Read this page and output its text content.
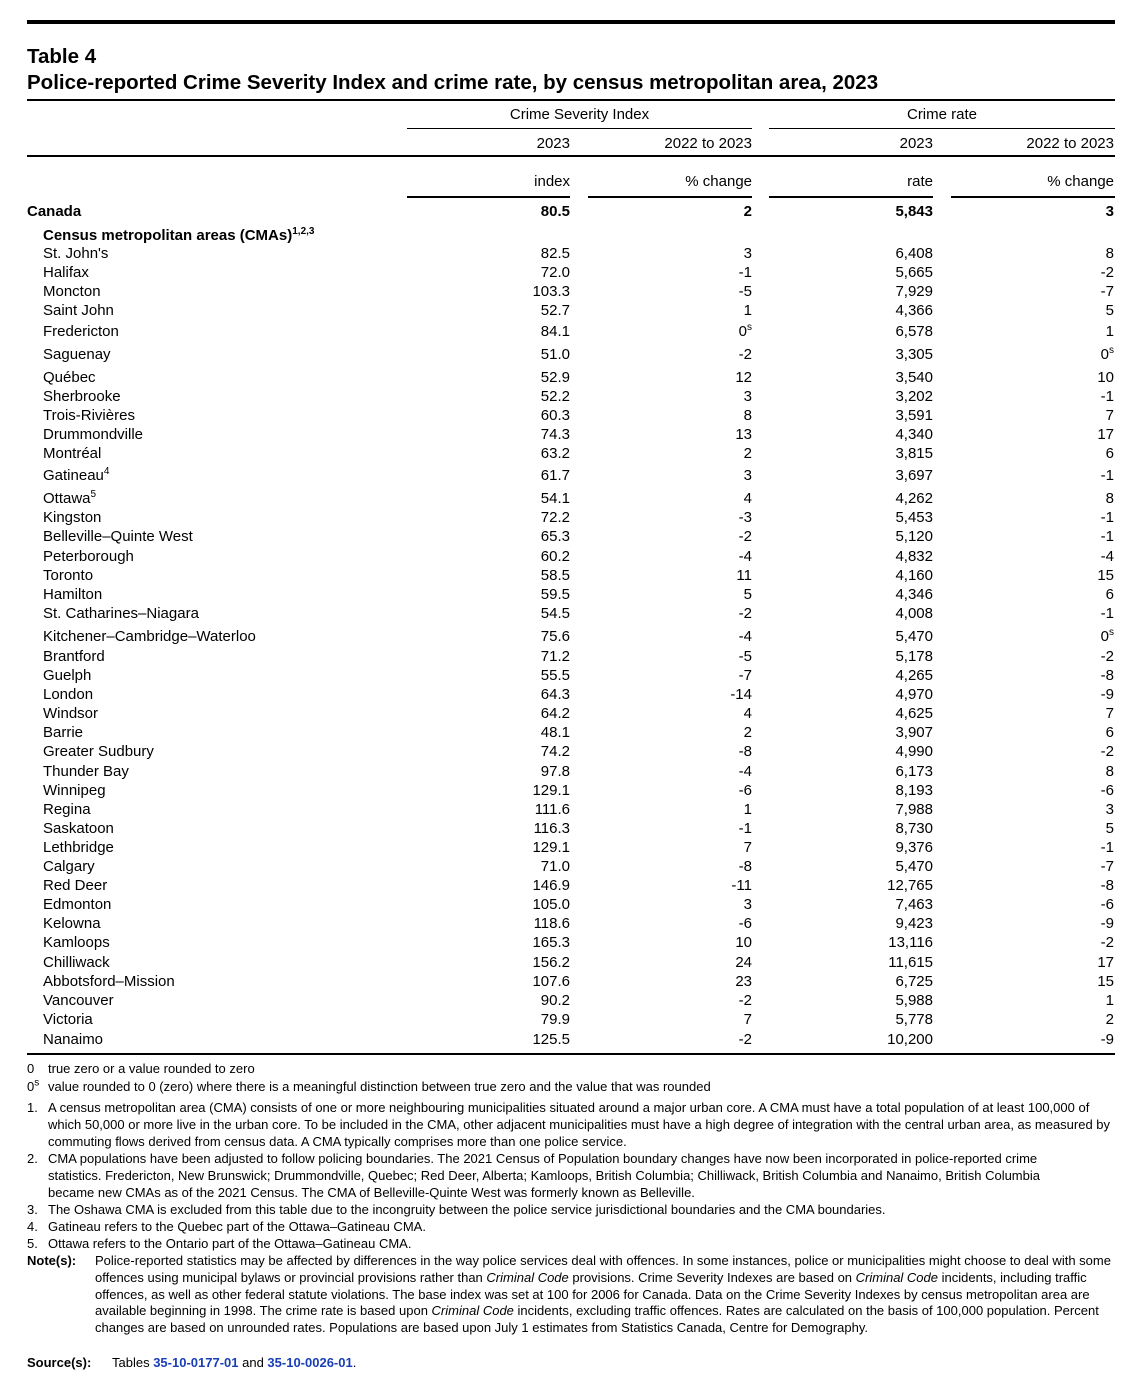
Table 4
Police-reported Crime Severity Index and crime rate, by census metropolitan area, 2023
Crime Severity Index	Crime rate
2023	2022 to 2023	2023	2022 to 2023
index	% change	rate	% change
Canada	80.5	2	5,843	3
Census metropolitan areas (CMAs)$^{1,2,3}$
St. John's	82.5	3	6,408	8
Halifax	72.0	-1	5,665	-2
Moncton	103.3	-5	7,929	-7
Saint John	52.7	1	4,366	5
Fredericton	84.1	0$^s$	6,578	1
Saguenay	51.0	-2	3,305	0$^s$
Québec	52.9	12	3,540	10
Sherbrooke	52.2	3	3,202	-1
Trois-Rivières	60.3	8	3,591	7
Drummondville	74.3	13	4,340	17
Montréal	63.2	2	3,815	6
Gatineau$^4$	61.7	3	3,697	-1
Ottawa$^5$	54.1	4	4,262	8
Kingston	72.2	-3	5,453	-1
Belleville–Quinte West	65.3	-2	5,120	-1
Peterborough	60.2	-4	4,832	-4
Toronto	58.5	11	4,160	15
Hamilton	59.5	5	4,346	6
St. Catharines–Niagara	54.5	-2	4,008	-1
Kitchener–Cambridge–Waterloo	75.6	-4	5,470	0$^s$
Brantford	71.2	-5	5,178	-2
Guelph	55.5	-7	4,265	-8
London	64.3	-14	4,970	-9
Windsor	64.2	4	4,625	7
Barrie	48.1	2	3,907	6
Greater Sudbury	74.2	-8	4,990	-2
Thunder Bay	97.8	-4	6,173	8
Winnipeg	129.1	-6	8,193	-6
Regina	111.6	1	7,988	3
Saskatoon	116.3	-1	8,730	5
Lethbridge	129.1	7	9,376	-1
Calgary	71.0	-8	5,470	-7
Red Deer	146.9	-11	12,765	-8
Edmonton	105.0	3	7,463	-6
Kelowna	118.6	-6	9,423	-9
Kamloops	165.3	10	13,116	-2
Chilliwack	156.2	24	11,615	17
Abbotsford–Mission	107.6	23	6,725	15
Vancouver	90.2	-2	5,988	1
Victoria	79.9	7	5,778	2
Nanaimo	125.5	-2	10,200	-9
0 true zero or a value rounded to zero
0$^s$ value rounded to 0 (zero) where there is a meaningful distinction between true zero and the value that was rounded
1. A census metropolitan area (CMA) consists of one or more neighbouring municipalities situated around a major urban core. A CMA must have a total population of at least 100,000 of which 50,000 or more live in the urban core. To be included in the CMA, other adjacent municipalities must have a high degree of integration with the central urban area, as measured by commuting flows derived from census data. A CMA typically comprises more than one police service.
2. CMA populations have been adjusted to follow policing boundaries. The 2021 Census of Population boundary changes have now been incorporated in police-reported crime statistics. Fredericton, New Brunswick; Drummondville, Quebec; Red Deer, Alberta; Kamloops, British Columbia; Chilliwack, British Columbia and Nanaimo, British Columbia became new CMAs as of the 2021 Census. The CMA of Belleville-Quinte West was formerly known as Belleville.
3. The Oshawa CMA is excluded from this table due to the incongruity between the police service jurisdictional boundaries and the CMA boundaries.
4. Gatineau refers to the Quebec part of the Ottawa–Gatineau CMA.
5. Ottawa refers to the Ontario part of the Ottawa–Gatineau CMA.
Note(s): Police-reported statistics may be affected by differences in the way police services deal with offences. In some instances, police or municipalities might choose to deal with some offences using municipal bylaws or provincial provisions rather than Criminal Code provisions. Crime Severity Indexes are based on Criminal Code incidents, including traffic offences, as well as other federal statute violations. The base index was set at 100 for 2006 for Canada. Data on the Crime Severity Indexes by census metropolitan area are available beginning in 1998. The crime rate is based upon Criminal Code incidents, excluding traffic offences. Rates are calculated on the basis of 100,000 population. Percent changes are based on unrounded rates. Populations are based upon July 1 estimates from Statistics Canada, Centre for Demography.
Source(s): Tables 35-10-0177-01 and 35-10-0026-01.
